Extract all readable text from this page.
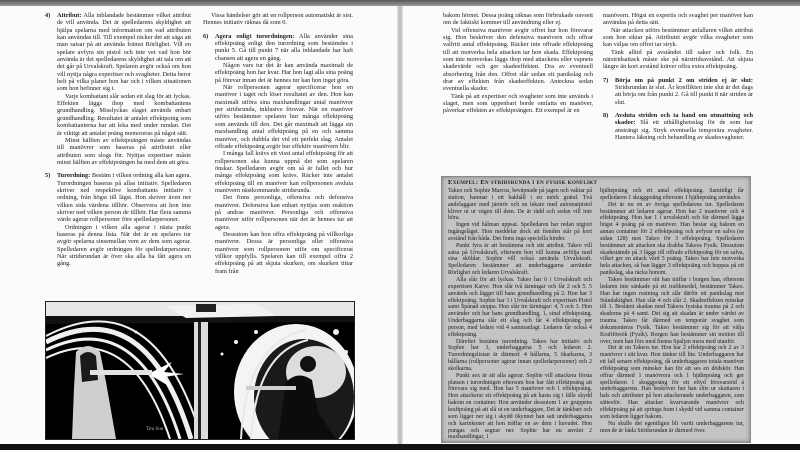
4) Attribut: Alla inblandade bestämmer vilket attribut de vill använda. Det är spelledarens skyldighet att hjälpa spelarna med information om vad attributen kan användas till. Till exempel räcker det att säga att man satsar på att använda främst Rörlighet. Vill en spelare avfyra sin pistol och inte vet vad hon bör använda är det spelledarens skyldighet att tala om att det går på Urvalskraft. Spelaren avgör också om hon vill nyttja några expertiser och svagheter. Detta beror helt på vilka planer hon har och i vilken situationen som hon befinner sig i.
Varje kombattant slår sedan ett slag för att lyckas. Effekten läggs ihop med kombattantens grundhandling. Misslyckas slaget används enbart grundhandling. Resultatet är antalet effektpoing som kombattanterna har att leka med under rundan. Det är viktigt att antalet poäng memoreras på något sätt.
Minst hälften av effektpoängen måste användas till manövrer som baseras på attributet eller attributen som slogs för. Nyttjas expertiser måste minst hälften av effektpoängen ha med dem att göra.
5) Turordning: Bestäm i vilken ordning alla kan agera. Turordningen baseras på allas initiativ. Spelledaren skriver ned respektive kombattants initiativ i ordning, från högst till lägst. Hon skriver även ner vilken sida värdena tillhör. Observera att hon inte skriver ned vilken person de tillhör. Har flera samma värde agerar rollpersoner före spelledarpersoner.
Ordningen i vilken alla agerar i nästa punkt baseras på denna lista. När det är en spelares tur avgör spelarna sinsemellan vem av dem som agerar. Spelledaren avgör ordningen för spelledarpersoner. När stridsrundan är över ska alla ha fått agera en gång.

Vissa händelser gör att en rollperson automatiskt är sist. Hennes initiativ räknas då som 0.

6) Agera enligt turordningen: Alla använder sina effektpoäng enligt den turordning som bestämdes i punkt 5. Gå till punkt 7 när alla inblandade har haft chansen att agera en gång.
Någon vars tur det är kan använda maximalt de effektpoäng hon har kvar. Har hon lagt alla sina poäng på förevar innan det är hennes tur kan hon inget göra.
När rollpersonen agerar specificerar hon en manöver i taget och löser resultatet av den. Hon kan maximalt utföra sina maxhandlingar antal manövrer per stridsrunda, inklusive försvar. När en manöver utförs bestämmer spelaren hur många effektpoäng som används till den. Det går maximalt att lägga sin maxhandling antal effektpoäng på en och samma manöver, och dubbla det vid ett perfekt slag. Antalet offrade effektpoäng avgör hur effektiv manövern blir.
I många fall krävs ett visst antal effektpoäng för att rollpersonen ska kunna uppnå det som spelaren önskar. Spelledaren avgör om så är fallet och hur många effektpoäng som krävs. Räcker inte antalet effektpoäng till en manöver kan rollpersonen avsluta manövern nästkommande stridsrunda.
Det finns personliga, offensiva och defensiva manövrer. Defensiva kan enbart nyttjas som reaktion på andras manövrer. Personliga och offensiva manövrer utför rollpersonen när det är hennes tur att agera.
Dessutom kan hon offra effektpoäng på villkorliga manövrer. Dessa är personliga eller offensiva manövrer som rollpersonen utför om specificerat villkor uppfylls. Spelaren kan till exempel offra 2 effektpoäng på att skjuta skurken, om skurken tittar fram från
Tim Sun

bakom hörnet. Dessa poäng räknas som förbrukade oavsett om de faktiskt kommer till användning eller ej.

Vid offensiva manövrer avgör offret hur hon försvarar sig. Hon beskriver den defensiva manövern och offrar valfritt antal effektpoäng. Räcker inte offrade effektpoäng till att motverka hela attacken tar hon skada. Effektpoäng som inte motverkas läggs ihop med attackens eller vapnets skadevärde och ger skadeeffekten. Dra av eventuell absorbering från den. Offret slår sedan ett panikslag och drar av effekten från skadeeffekten. Anteckna sedan eventuella skador.

Tänk på att expertiser och svagheter som inte används i slaget, men som uppenbart borde omfatta en manöver, påverkar effekten av effektpoängen. Ett exempel är en

manövern. Högst en expertis och svaghet per manöver kan användas på detta sätt.

När attacken utförs bestämmer anfallaren vilket attribut som hon siktar på. Attributet avgör vilka svagheter som kan väljas om offret tar stryk.

Tänk alltid på avståndet till saker och folk. En närstridsattack måste ske på närstridsavstånd. Att skjuta längre än kort avstånd kräver offra extra effektpoäng.

7) Börja om på punkt 2 om striden ej är slut: Stridsrundan är slut. Är konflikten inte slut är det dags att börja om från punkt 2. Gå till punkt 8 när striden är slut.
8) Avsluta striden och ta hand om utmattning och skador: Slå ett uthållighetsslag för de som har ansträngt sig. Stryk eventuella temporära svagheter. Hantera läkning och behandling av skadesvagheter.
Exempel: En stridsrunda i en fysisk konflikt

Takeo och Sophie Marcus, beväpnade på jagen och vaktar på station, hamnar i ett bakhåll i en mörk gränd. Två andelaggare med järnrör och en lekare med automatpistol kliver ut ur vägen till dem. De är rädd och sedan vill inte höra.

Ingen vid hålman uppsat. Spelledaren har redan utgjort ingångsläget. Hon meddelar dock att fienden står på kort avstånd från båda. Det finns inga speciella hinder.

Punkt fyra är att bestämma och sitt attribut. Takeo vill satsa på Urvalskraft, eftersom hon vill kunna avfölja med sina sköldar. Sophie vill också använda Urvalskraft. Spelledaren bestämmer att underbaggarna använder Rörlighet och ledaren Urvalskraft.

Alla slår för att lyckas. Takeo har 6 i Urvalskraft och expertisen Karve. Hon slår två tärningar och får 2 och 5. 5 används och lägger till hans grundhandling på 2. Hon har 3 effektpoäng. Sophie har 3 i Urvalskraft och expertisen Pistol samt Spånad stoppa. Hon slår tre tärningar: 4, 5 och 3. Hon använder och har hans grundhandling, 1, sinal effektpoäng. Underbaggarna slår ett slag och får 4 effektpoäng per person, med ledare vid 4 sammanlagt. Ledaren får också 4 effektpoäng.

Därefter bestäms turordning. Takeo har initiativ och Sophie har 3, underbaggarna 5 och ledaren 2. Turordningslistan är därmed: 4 hållarna, 5 ökarkarna, 3 hållarna (rollpersoner agerar innan spelledarpersoner) och 2 skolkarna.

Punkt sex är att alla agerar. Sophie vill attackera första platsen i turordningen eftersom hon har fått effektpoäng att förevara sig med. Hon har 5 manövrer och 1 effektpoäng. Hon attackerar ett effektpoäng på att kasta sig i fälle skydd bakom en container. Hon använder dessutom 1 av gruppens kraftpoäng på att slå ut en underbaggare, Det är tänkbart och som ligger ner sig i skydd ökynnet han satt underbaggarna och karinkoner att hon träffar en av dem i huvudet. Hon pungas och segnar ner. Sophie har nu använt 2 maxhandlingar, 1

hjältepoäng och ett antal effektpoäng. Samtidigt får spelledaren 1 skuggpoäng eftersom 1 hjältepoäng användes.

Det är nu en av övriga spelledarens tur. Spelledaren bestämmer att ledaren agerar. Hon har 2 manövrer och 4 effektpoäng. Hon har 1 i urvalskraft och får därmed lägga högst 4 poäng på en manöver. Han bestar sig bakom en annan container för 2 effektpoäng och avfyrar en salva (se sidan 128) mot Takeo för 3 effektpoäng. Spelledaren bestämmer att attacken ska drabba Takeos Fysik. Dessutom skadestämde på 3 läggs till offrade effektpoäng för en salva, vilket ger en attack värd 5 poäng. Takeo har inte motverka hela attacken, så han lägger 3 effektpoäng och hoppas på ett panikslag, ska räcka honom.

Takeo bestämmer sitt han träffar i borgen han, eftersom ledaren inte sänkade på ett trafikmedel, bestämmer Takeo. Han har ingen rustning och slår därför ett panikslag mot Ståndaktighet. Han slår 4 och slår 2. Skadeeffekten minskar till 1. Bestämt skadan med Takeos fysiska trauma på 2 och skadorna på 4 samt. Det sig att skadan är under värdet av trauma. Takeo får därmed en temporär svaghet som dokumenteras Fysik. Takeo bestämmer sig för att välja Kraftförsök (Fysik). Borgen han bestämmer sin motion till over, men han förs med fienna Spaljen mera med utanför.

Det är nu Takeos tur. Hon har 2 effektpoäng och 2 av 3 manövrer i sitt kvar. Hon tänker till lite. Underbaggaren har ett fall senare effektpoäng, då underbaggaren totala manöver effektpoäng som minsker han för att ses en dödskör. Han offrar därmed 1 manövrera och 1 hjältepoäng och ger spelledaren 1 skuggpoäng för ett eftyd försvarstöd å underbaggarens. Han beskriver hur han slits ur skuttaren i hals och attributer på hon attackerande underbaggaren, som sättesför. Han attacker kvarvarande manövrer och effektpoäng på att springa fram i skydd vid samma container som ledaren ligger bakom.

Nu skulle det egentligen bli varitt underbaggarens tur, men de är båda Stridsrundan är därmed över.
